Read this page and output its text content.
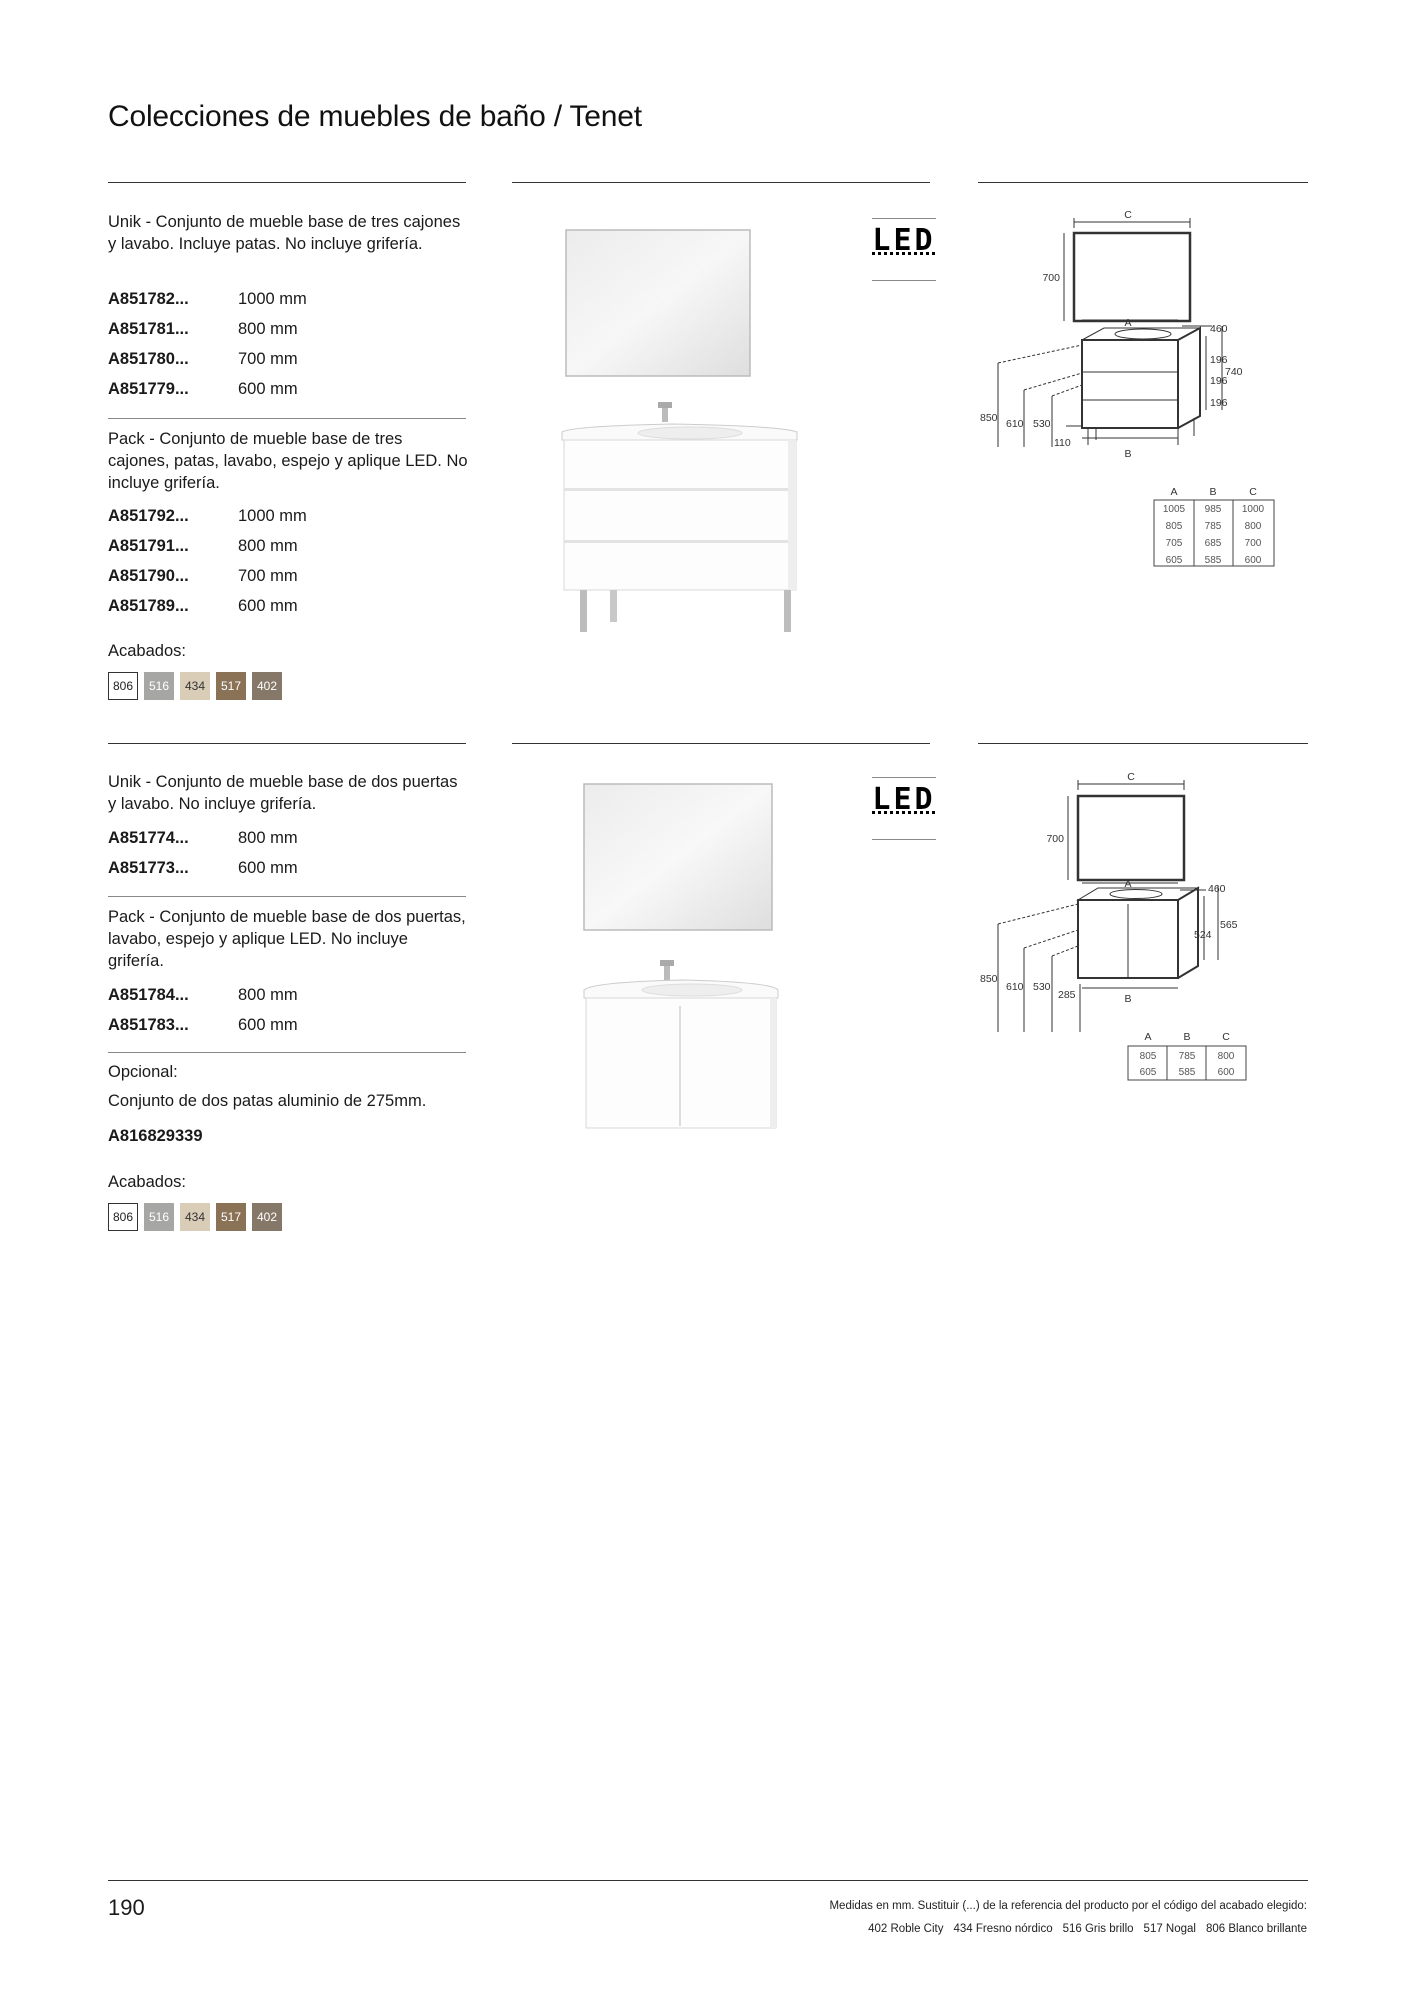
Colecciones de muebles de baño / Tenet
Unik - Conjunto de mueble base de tres cajones y lavabo. Incluye patas. No incluye grifería.
A851782...	1000 mm
A851781...	800 mm
A851780...	700 mm
A851779...	600 mm
Pack - Conjunto de mueble base de tres cajones, patas, lavabo, espejo y aplique LED. No incluye grifería.
A851792...	1000 mm
A851791...	800 mm
A851790...	700 mm
A851789...	600 mm
Acabados:
806	516	434	517	402
LED
C
A
B
700
460
196
196
196
740
850 610 530
110
A	B	C
1005 985 1000
805 785 800
705 685 700
605 585 600
Unik - Conjunto de mueble base de dos puertas y lavabo. No incluye grifería.
A851774...	800 mm
A851773...	600 mm
Pack - Conjunto de mueble base de dos puertas, lavabo, espejo y aplique LED. No incluye grifería.
A851784...	800 mm
A851783...	600 mm
Opcional:
Conjunto de dos patas aluminio de 275mm.
A816829339
Acabados:
806	516	434	517	402
LED
C
A
B
700
460
565
524
850
610 530
285
A	B	C
805 785 800
605 585 600
190	Medidas en mm. Sustituir (...) de la referencia del producto por el código del acabado elegido:
402 Roble City 434 Fresno nórdico 516 Gris brillo 517 Nogal 806 Blanco brillante
